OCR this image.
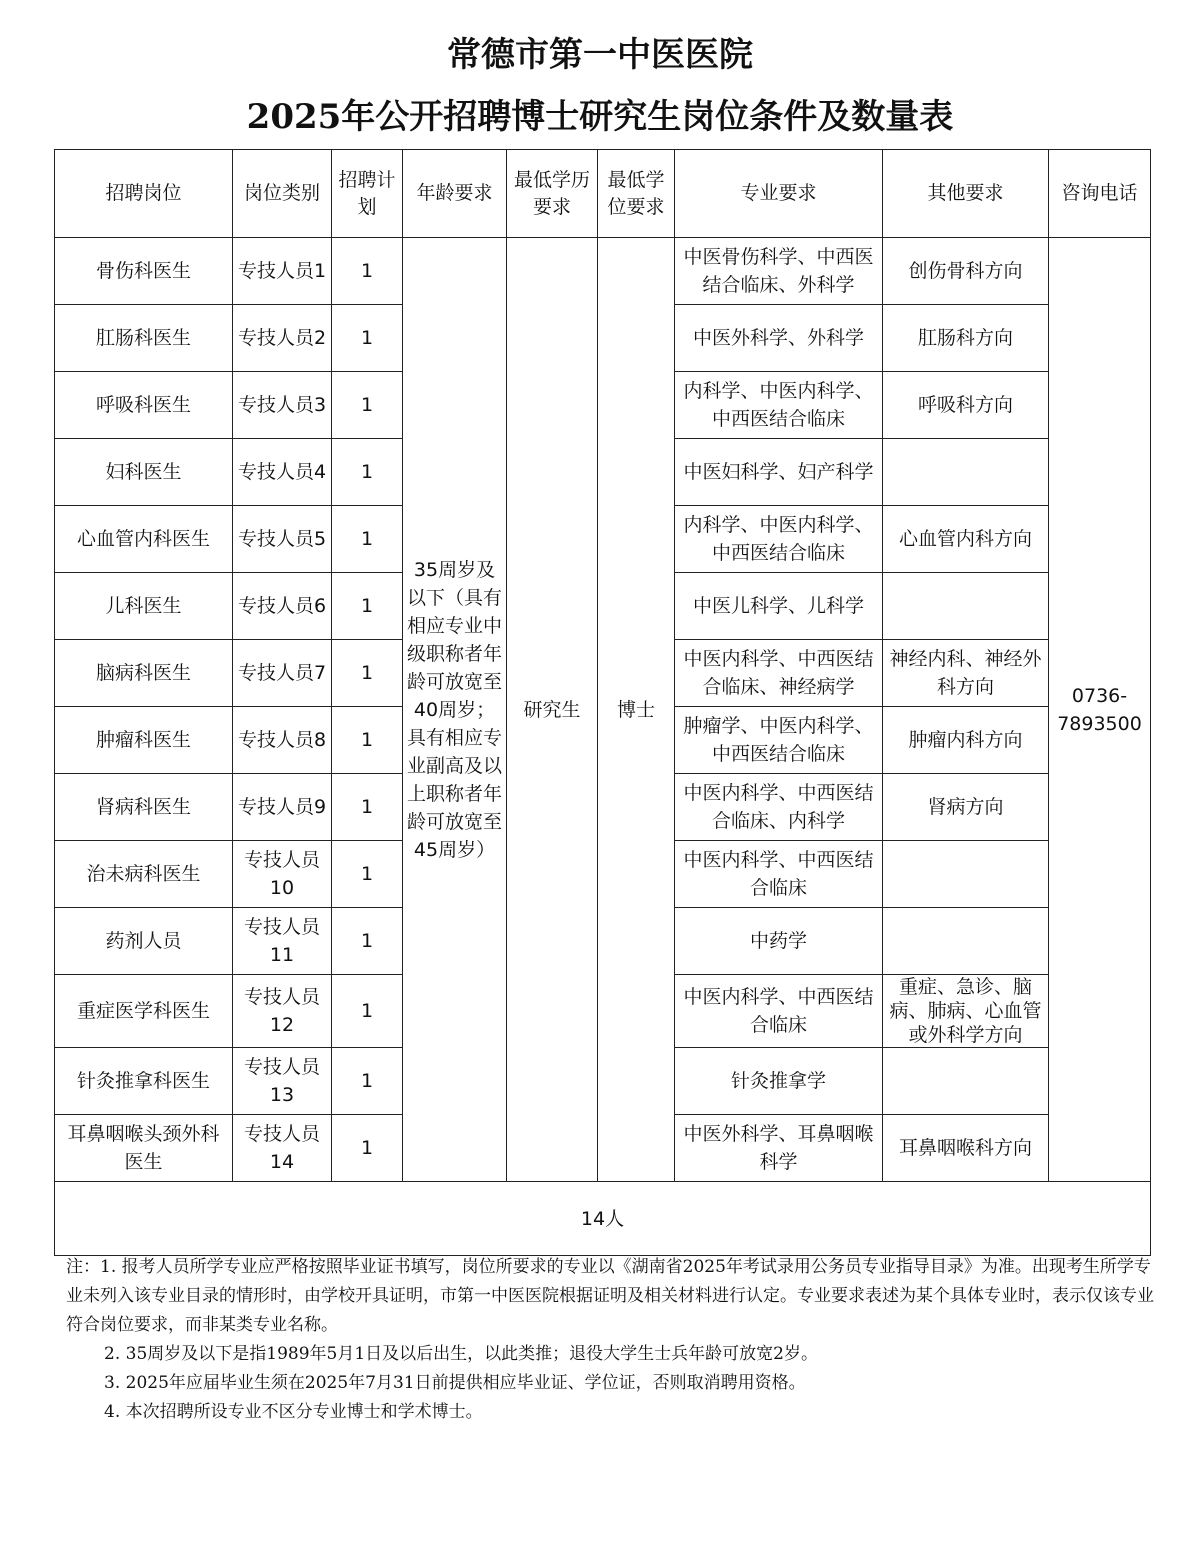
常德市第一中医医院
2025年公开招聘博士研究生岗位条件及数量表
招聘岗位	岗位类别	招聘计划	年龄要求	最低学历要求	最低学位要求	专业要求	其他要求	咨询电话
骨伤科医生	专技人员1	1	35周岁及以下（具有相应专业中级职称者年龄可放宽至40周岁；具有相应专业副高及以上职称者年龄可放宽至45周岁）	研究生	博士	中医骨伤科学、中西医结合临床、外科学	创伤骨科方向	0736-7893500
肛肠科医生	专技人员2	1				中医外科学、外科学	肛肠科方向	
呼吸科医生	专技人员3	1				内科学、中医内科学、中西医结合临床	呼吸科方向	
妇科医生	专技人员4	1				中医妇科学、妇产科学		
心血管内科医生	专技人员5	1				内科学、中医内科学、中西医结合临床	心血管内科方向	
儿科医生	专技人员6	1				中医儿科学、儿科学		
脑病科医生	专技人员7	1				中医内科学、中西医结合临床、神经病学	神经内科、神经外科方向	
肿瘤科医生	专技人员8	1				肿瘤学、中医内科学、中西医结合临床	肿瘤内科方向	
肾病科医生	专技人员9	1				中医内科学、中西医结合临床、内科学	肾病方向	
治未病科医生	专技人员10	1				中医内科学、中西医结合临床		
药剂人员	专技人员11	1				中药学		
重症医学科医生	专技人员12	1				中医内科学、中西医结合临床	重症、急诊、脑病、肺病、心血管或外科学方向	
针灸推拿科医生	专技人员13	1				针灸推拿学		
耳鼻咽喉头颈外科医生	专技人员14	1				中医外科学、耳鼻咽喉科学	耳鼻咽喉科方向	
14人								

注：1. 报考人员所学专业应严格按照毕业证书填写，岗位所要求的专业以《湖南省2025年考试录用公务员专业指导目录》为准。出现考生所学专业未列入该专业目录的情形时，由学校开具证明，市第一中医医院根据证明及相关材料进行认定。专业要求表述为某个具体专业时，表示仅该专业符合岗位要求，而非某类专业名称。

2. 35周岁及以下是指1989年5月1日及以后出生，以此类推；退役大学生士兵年龄可放宽2岁。

3. 2025年应届毕业生须在2025年7月31日前提供相应毕业证、学位证，否则取消聘用资格。

4. 本次招聘所设专业不区分专业博士和学术博士。
